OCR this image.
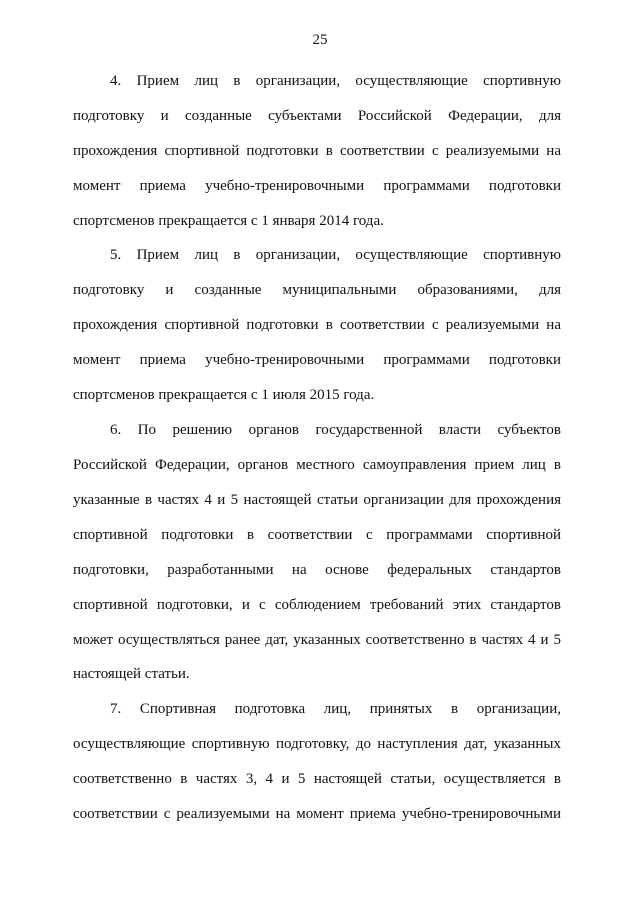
25
4. Прием лиц в организации, осуществляющие спортивную
подготовку и созданные субъектами Российской Федерации, для
прохождения спортивной подготовки в соответствии с реализуемыми на
момент приема учебно-тренировочными программами подготовки
спортсменов прекращается с 1 января 2014 года.
5. Прием лиц в организации, осуществляющие спортивную
подготовку и созданные муниципальными образованиями, для
прохождения спортивной подготовки в соответствии с реализуемыми на
момент приема учебно-тренировочными программами подготовки
спортсменов прекращается с 1 июля 2015 года.
6. По решению органов государственной власти субъектов
Российской Федерации, органов местного самоуправления прием лиц в
указанные в частях 4 и 5 настоящей статьи организации для прохождения
спортивной подготовки в соответствии с программами спортивной
подготовки, разработанными на основе федеральных стандартов
спортивной подготовки, и с соблюдением требований этих стандартов
может осуществляться ранее дат, указанных соответственно в частях 4 и 5
настоящей статьи.
7. Спортивная подготовка лиц, принятых в организации,
осуществляющие спортивную подготовку, до наступления дат, указанных
соответственно в частях 3, 4 и 5 настоящей статьи, осуществляется в
соответствии с реализуемыми на момент приема учебно-тренировочными
